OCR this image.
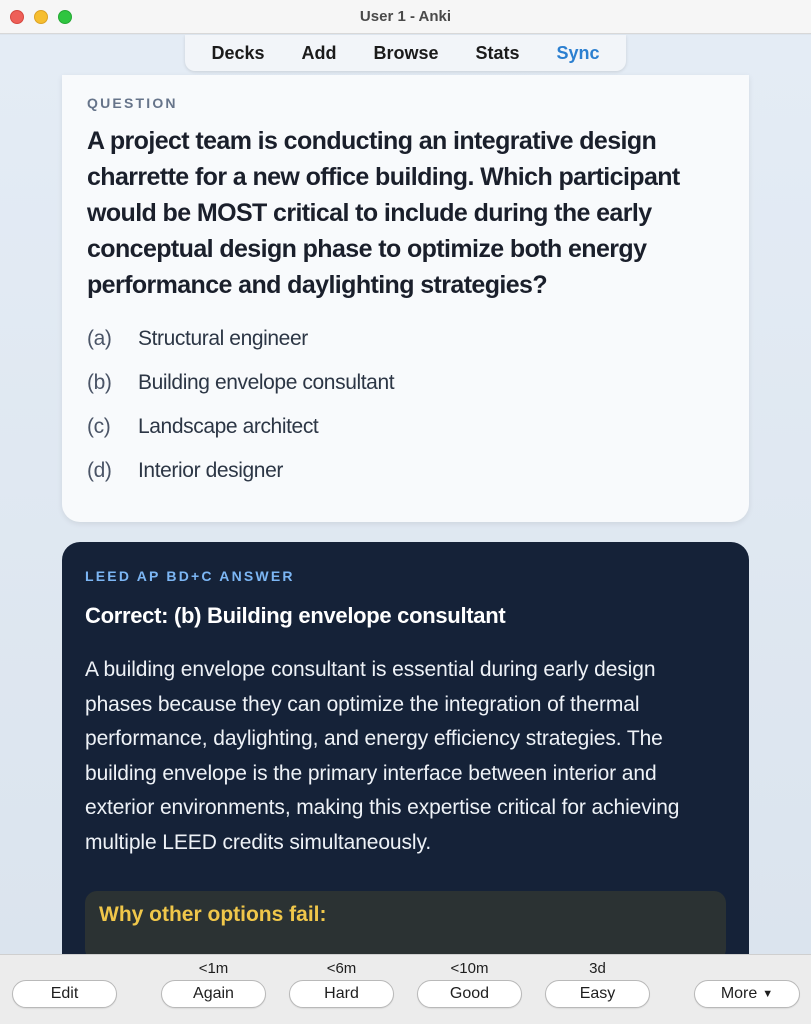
User 1 - Anki
Decks Add Browse Stats Sync
QUESTION
A project team is conducting an integrative design charrette for a new office building. Which participant would be MOST critical to include during the early conceptual design phase to optimize both energy performance and daylighting strategies?
(a)	Structural engineer
(b)	Building envelope consultant
(c)	Landscape architect
(d)	Interior designer
LEED AP BD+C ANSWER
Correct: (b) Building envelope consultant
A building envelope consultant is essential during early design phases because they can optimize the integration of thermal performance, daylighting, and energy efficiency strategies. The building envelope is the primary interface between interior and exterior environments, making this expertise critical for achieving multiple LEED credits simultaneously.
Why other options fail:
Edit
<1m
Again
<6m
Hard
<10m
Good
3d
Easy	More ▼
